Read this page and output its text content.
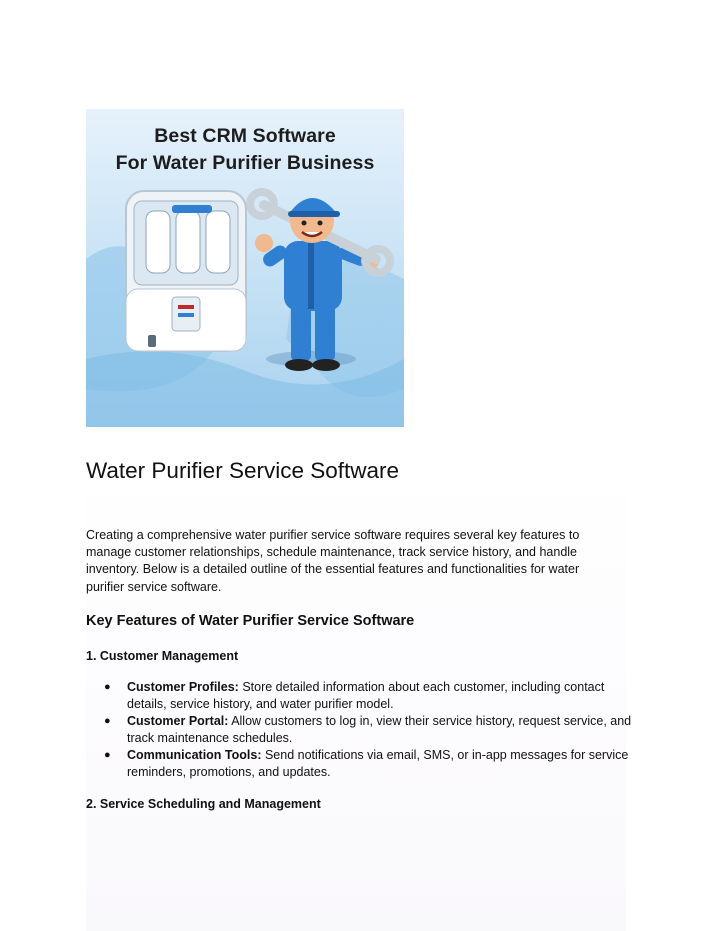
Best CRM Software
For Water Purifier Business
Water Purifier Service Software

Creating a comprehensive water purifier service software requires several key features to manage customer relationships, schedule maintenance, track service history, and handle inventory. Below is a detailed outline of the essential features and functionalities for water purifier service software.

Key Features of Water Purifier Service Software
1. Customer Management
● Customer Profiles: Store detailed information about each customer, including contact details, service history, and water purifier model.
● Customer Portal: Allow customers to log in, view their service history, request service, and track maintenance schedules.
● Communication Tools: Send notifications via email, SMS, or in-app messages for service reminders, promotions, and updates.
2. Service Scheduling and Management
